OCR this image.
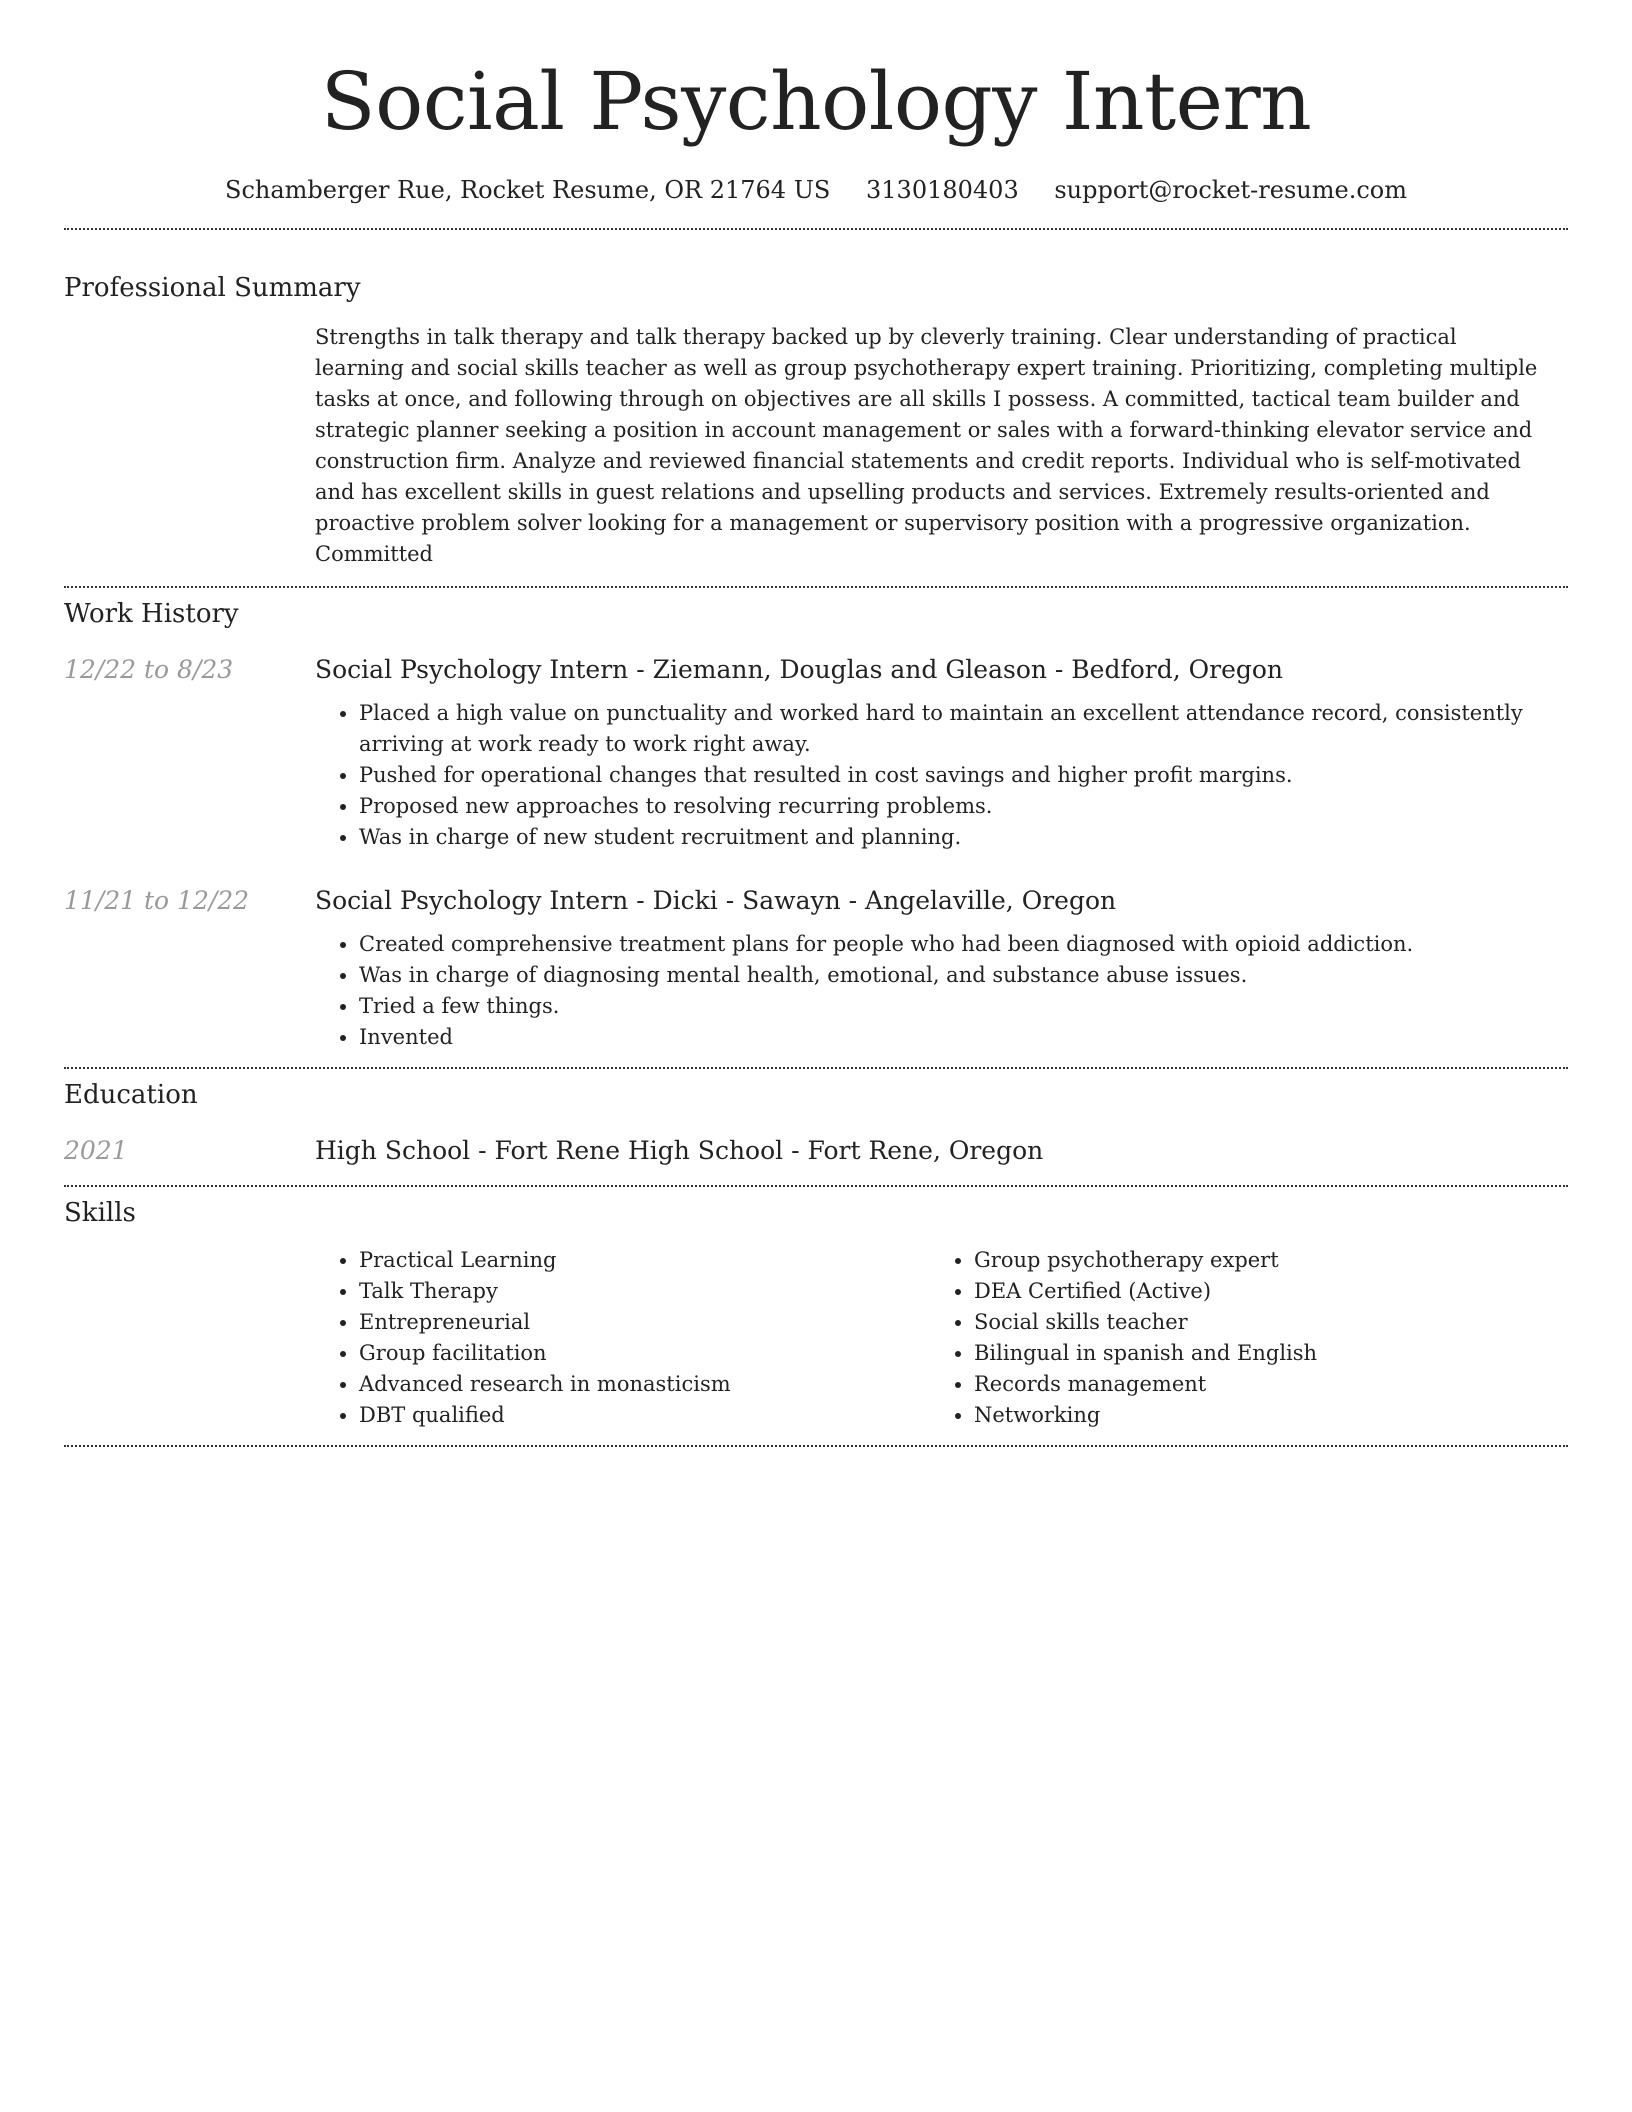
Social Psychology Intern
Schamberger Rue, Rocket Resume, OR 21764 US 3130180403 support@rocket-resume.com
Professional Summary

Strengths in talk therapy and talk therapy backed up by cleverly training. Clear understanding of practical learning and social skills teacher as well as group psychotherapy expert training. Prioritizing, completing multiple tasks at once, and following through on objectives are all skills I possess. A committed, tactical team builder and strategic planner seeking a position in account management or sales with a forward-thinking elevator service and construction firm. Analyze and reviewed financial statements and credit reports. Individual who is self-motivated and has excellent skills in guest relations and upselling products and services. Extremely results-oriented and proactive problem solver looking for a management or supervisory position with a progressive organization. Committed

Work History
12/22 to 8/23	Social Psychology Intern - Ziemann, Douglas and Gleason - Bedford, Oregon
• Placed a high value on punctuality and worked hard to maintain an excellent attendance record, consistently arriving at work ready to work right away.
• Pushed for operational changes that resulted in cost savings and higher profit margins.
• Proposed new approaches to resolving recurring problems.
• Was in charge of new student recruitment and planning.
11/21 to 12/22	Social Psychology Intern - Dicki - Sawayn - Angelaville, Oregon
• Created comprehensive treatment plans for people who had been diagnosed with opioid addiction.
• Was in charge of diagnosing mental health, emotional, and substance abuse issues.
• Tried a few things.
• Invented
Education
2021	High School - Fort Rene High School - Fort Rene, Oregon
Skills
• Practical Learning
• Talk Therapy
• Entrepreneurial
• Group facilitation
• Advanced research in monasticism
• DBT qualified
• Group psychotherapy expert
• DEA Certified (Active)
• Social skills teacher
• Bilingual in spanish and English
• Records management
• Networking
